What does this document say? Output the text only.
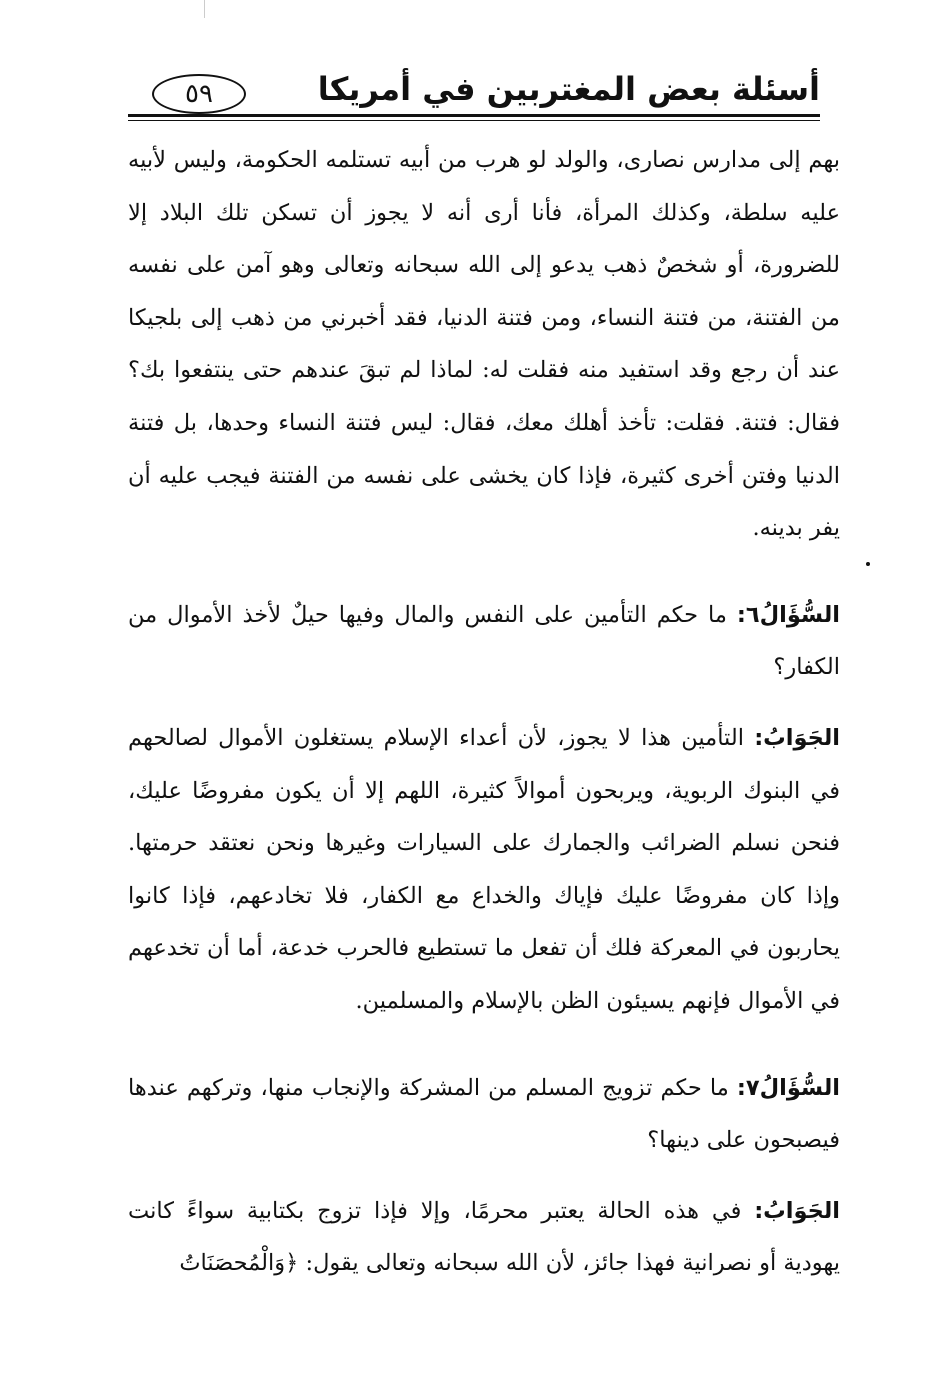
أسئلة بعض المغتربين في أمريكا
٥٩

بهم إلى مدارس نصارى، والولد لو هرب من أبيه تستلمه الحكومة، وليس لأبيه عليه سلطة، وكذلك المرأة، فأنا أرى أنه لا يجوز أن تسكن تلك البلاد إلا للضرورة، أو شخصٌ ذهب يدعو إلى الله سبحانه وتعالى وهو آمن على نفسه من الفتنة، من فتنة النساء، ومن فتنة الدنيا، فقد أخبرني من ذهب إلى بلجيكا عند أن رجع وقد استفيد منه فقلت له: لماذا لم تبقَ عندهم حتى ينتفعوا بك؟ فقال: فتنة. فقلت: تأخذ أهلك معك، فقال: ليس فتنة النساء وحدها، بل فتنة الدنيا وفتن أخرى كثيرة، فإذا كان يخشى على نفسه من الفتنة فيجب عليه أن يفر بدينه.

السُّؤَالُ٦: ما حكم التأمين على النفس والمال وفيها حيلٌ لأخذ الأموال من الكفار؟

الجَوَابُ: التأمين هذا لا يجوز، لأن أعداء الإسلام يستغلون الأموال لصالحهم في البنوك الربوية، ويربحون أموالاً كثيرة، اللهم إلا أن يكون مفروضًا عليك، فنحن نسلم الضرائب والجمارك على السيارات وغيرها ونحن نعتقد حرمتها. وإذا كان مفروضًا عليك فإياك والخداع مع الكفار، فلا تخادعهم، فإذا كانوا يحاربون في المعركة فلك أن تفعل ما تستطيع فالحرب خدعة، أما أن تخدعهم في الأموال فإنهم يسيئون الظن بالإسلام والمسلمين.

السُّؤَالُ٧: ما حكم تزويج المسلم من المشركة والإنجاب منها، وتركهم عندها فيصبحون على دينها؟

الجَوَابُ: في هذه الحالة يعتبر محرمًا، وإلا فإذا تزوج بكتابية سواءً كانت يهودية أو نصرانية فهذا جائز، لأن الله سبحانه وتعالى يقول: ﴿وَالْمُحصَنَاتُ
